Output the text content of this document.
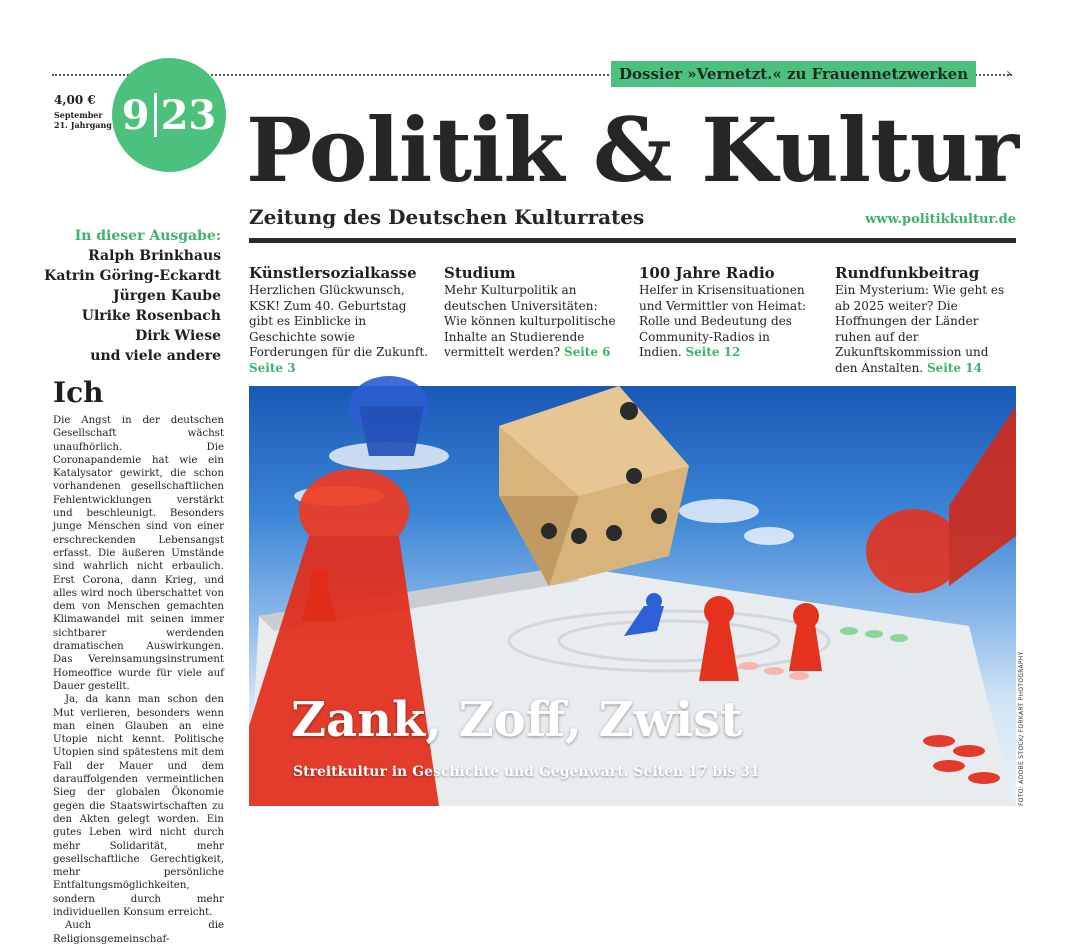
›
Dossier »Vernetzt.« zu Frauennetzwerken
4,00 €
September
21. Jahrgang 9 23 Politik & Kultur
Zeitung des Deutschen Kulturrates	www.politikkultur.de
In dieser Ausgabe:
Ralph Brinkhaus
Katrin Göring-Eckardt
Jürgen Kaube
Ulrike Rosenbach
Dirk Wiese
und viele andere
Künstlersozialkasse

Herzlichen Glückwunsch, KSK! Zum 40. Geburtstag gibt es Einblicke in Geschichte sowie Forderungen für die Zukunft. Seite 3

Studium

Mehr Kulturpolitik an deutschen Universitäten: Wie können kulturpolitische Inhalte an Studierende vermittelt werden? Seite 6

100 Jahre Radio

Helfer in Krisensituationen und Vermittler von Heimat: Rolle und Bedeutung des Community-Radios in Indien. Seite 12

Rundfunkbeitrag

Ein Mysterium: Wie geht es ab 2025 weiter? Die Hoffnungen der Länder ruhen auf der Zukunftskommission und den Anstalten. Seite 14

Ich

Die Angst in der deutschen Gesellschaft wächst unaufhörlich. Die Coronapandemie hat wie ein Katalysator gewirkt, die schon vorhandenen gesellschaftlichen Fehlentwicklungen verstärkt und beschleunigt. Besonders junge Menschen sind von einer erschreckenden Lebensangst erfasst. Die äußeren Umstände sind wahrlich nicht erbaulich. Erst Corona, dann Krieg, und alles wird noch überschattet von dem von Menschen gemachten Klimawandel mit seinen immer sichtbarer werdenden dramatischen Auswirkungen. Das Vereinsamungsinstrument Homeoffice wurde für viele auf Dauer gestellt.

Ja, da kann man schon den Mut verlieren, besonders wenn man einen Glauben an eine Utopie nicht kennt. Politische Utopien sind spätestens mit dem Fall der Mauer und dem darauffolgenden vermeintlichen Sieg der globalen Ökonomie gegen die Staatswirtschaften zu den Akten gelegt worden. Ein gutes Leben wird nicht durch mehr Solidarität, mehr gesellschaftliche Gerechtigkeit, mehr persönliche Entfaltungsmöglichkeiten, sondern durch mehr individuellen Konsum erreicht.

Auch die Religionsgemeinschaf-

Zank, Zoff, Zwist
Streitkultur in Geschichte und Gegenwart. Seiten 17 bis 31	FOTO: ADOBE STOCK/ FORKART PHOTOGRAPHY
